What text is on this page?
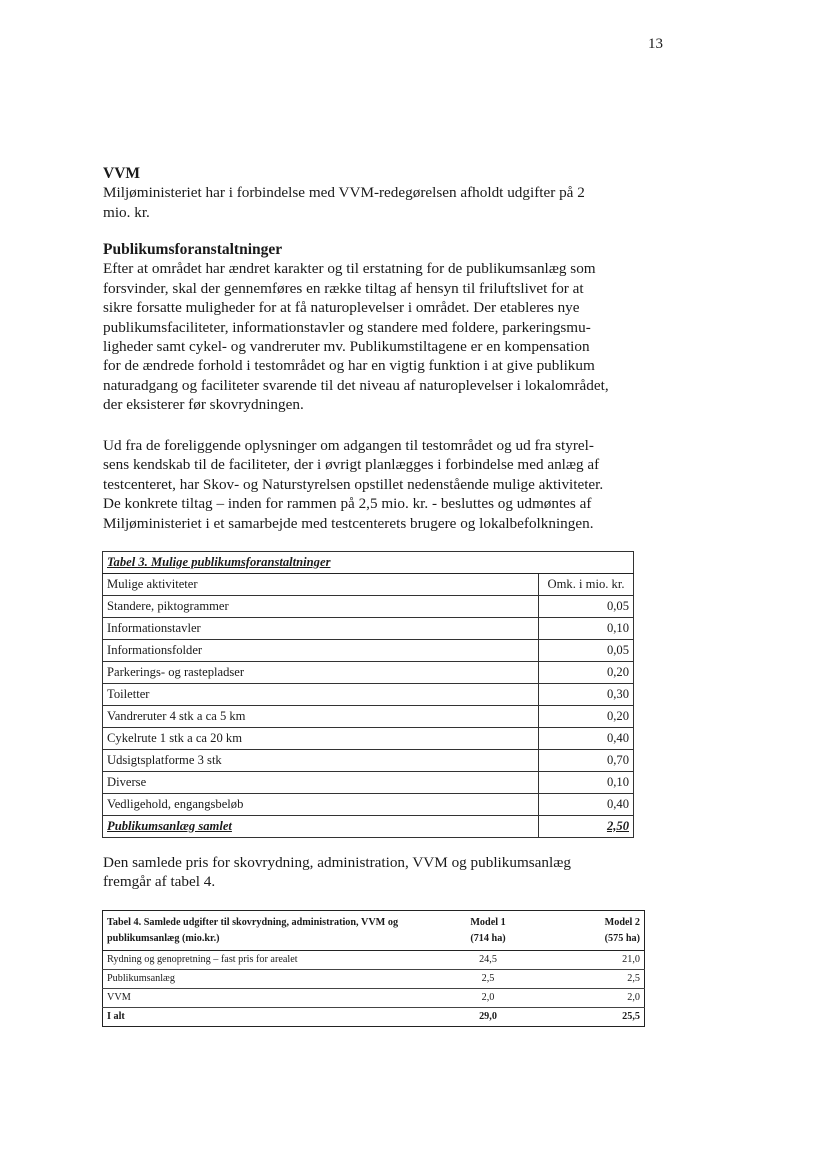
13

VVM

Miljøministeriet har i forbindelse med VVM-redegørelsen afholdt udgifter på 2

mio. kr.

Publikumsforanstaltninger

Efter at området har ændret karakter og til erstatning for de publikumsanlæg som

forsvinder, skal der gennemføres en række tiltag af hensyn til friluftslivet for at

sikre forsatte muligheder for at få naturoplevelser i området. Der etableres nye

publikumsfaciliteter, informationstavler og standere med foldere, parkeringsmu-

ligheder samt cykel- og vandreruter mv. Publikumstiltagene er en kompensation

for de ændrede forhold i testområdet og har en vigtig funktion i at give publikum

naturadgang og faciliteter svarende til det niveau af naturoplevelser i lokalområdet,

der eksisterer før skovrydningen.

Ud fra de foreliggende oplysninger om adgangen til testområdet og ud fra styrel-

sens kendskab til de faciliteter, der i øvrigt planlægges i forbindelse med anlæg af

testcenteret, har Skov- og Naturstyrelsen opstillet nedenstående mulige aktiviteter.

De konkrete tiltag – inden for rammen på 2,5 mio. kr. - besluttes og udmøntes af

Miljøministeriet i et samarbejde med testcenterets brugere og lokalbefolkningen.

Tabel 3. Mulige publikumsforanstaltninger	
Mulige aktiviteter	Omk. i mio. kr.
Standere, piktogrammer	0,05
Informationstavler	0,10
Informationsfolder	0,05
Parkerings- og rastepladser	0,20
Toiletter	0,30
Vandreruter 4 stk a ca 5 km	0,20
Cykelrute 1 stk a ca 20 km	0,40
Udsigtsplatforme 3 stk	0,70
Diverse	0,10
Vedligehold, engangsbeløb	0,40
Publikumsanlæg samlet	2,50

Den samlede pris for skovrydning, administration, VVM og publikumsanlæg

fremgår af tabel 4.

Tabel 4. Samlede udgifter til skovrydning, administration, VVM og	Model 1	Model 2
publikumsanlæg (mio.kr.)	(714 ha)	(575 ha)
Rydning og genopretning – fast pris for arealet	24,5	21,0
Publikumsanlæg	2,5	2,5
VVM	2,0	2,0
I alt	29,0	25,5
